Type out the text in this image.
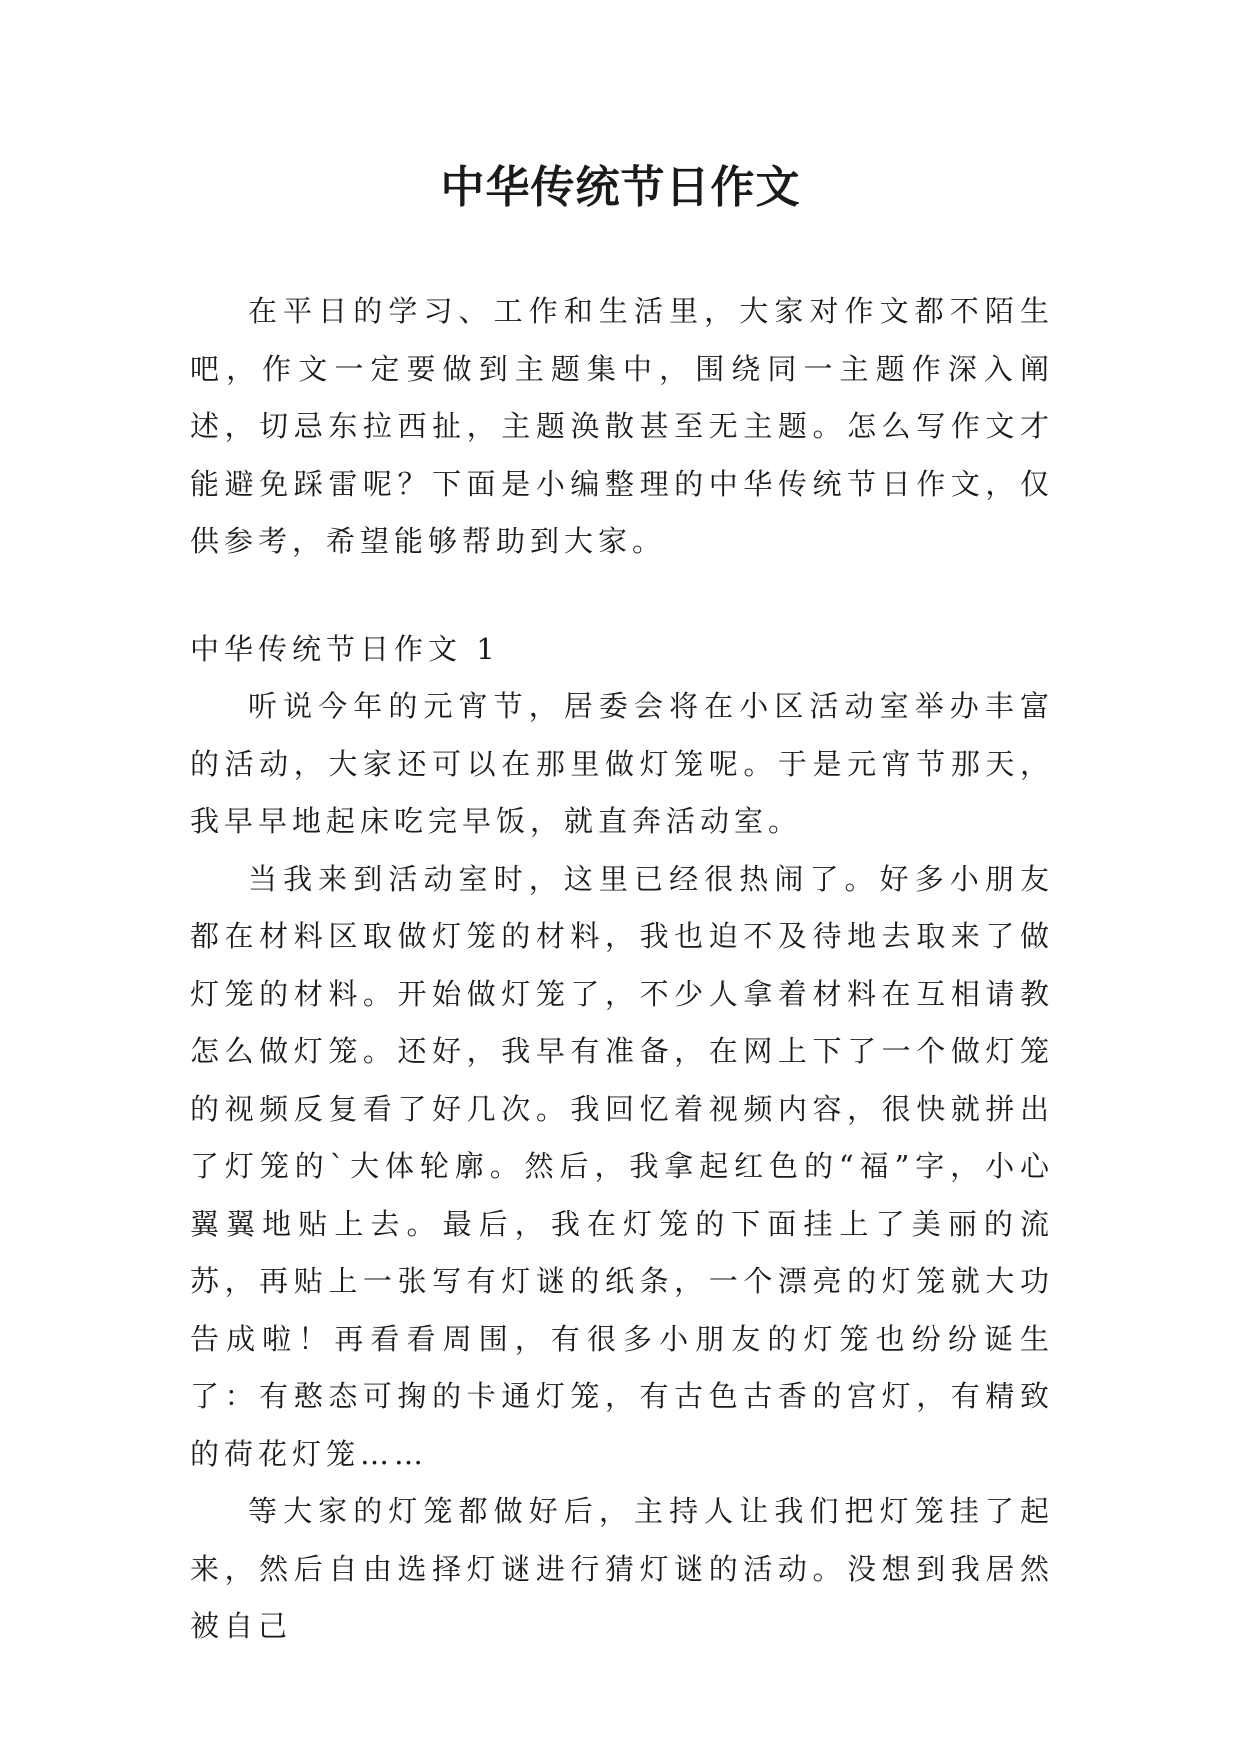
中华传统节日作文

在平日的学习、工作和生活里，大家对作文都不陌生吧，作文一定要做到主题集中，围绕同一主题作深入阐述，切忌东拉西扯，主题涣散甚至无主题。怎么写作文才能避免踩雷呢？下面是小编整理的中华传统节日作文，仅供参考，希望能够帮助到大家。

中华传统节日作文 1

听说今年的元宵节，居委会将在小区活动室举办丰富的活动，大家还可以在那里做灯笼呢。于是元宵节那天，我早早地起床吃完早饭，就直奔活动室。

当我来到活动室时，这里已经很热闹了。好多小朋友都在材料区取做灯笼的材料，我也迫不及待地去取来了做灯笼的材料。开始做灯笼了，不少人拿着材料在互相请教怎么做灯笼。还好，我早有准备，在网上下了一个做灯笼的视频反复看了好几次。我回忆着视频内容，很快就拼出了灯笼的`大体轮廓。然后，我拿起红色的“福”字，小心翼翼地贴上去。最后，我在灯笼的下面挂上了美丽的流苏，再贴上一张写有灯谜的纸条，一个漂亮的灯笼就大功告成啦！再看看周围，有很多小朋友的灯笼也纷纷诞生了：有憨态可掬的卡通灯笼，有古色古香的宫灯，有精致的荷花灯笼……

等大家的灯笼都做好后，主持人让我们把灯笼挂了起来，然后自由选择灯谜进行猜灯谜的活动。没想到我居然被自己
